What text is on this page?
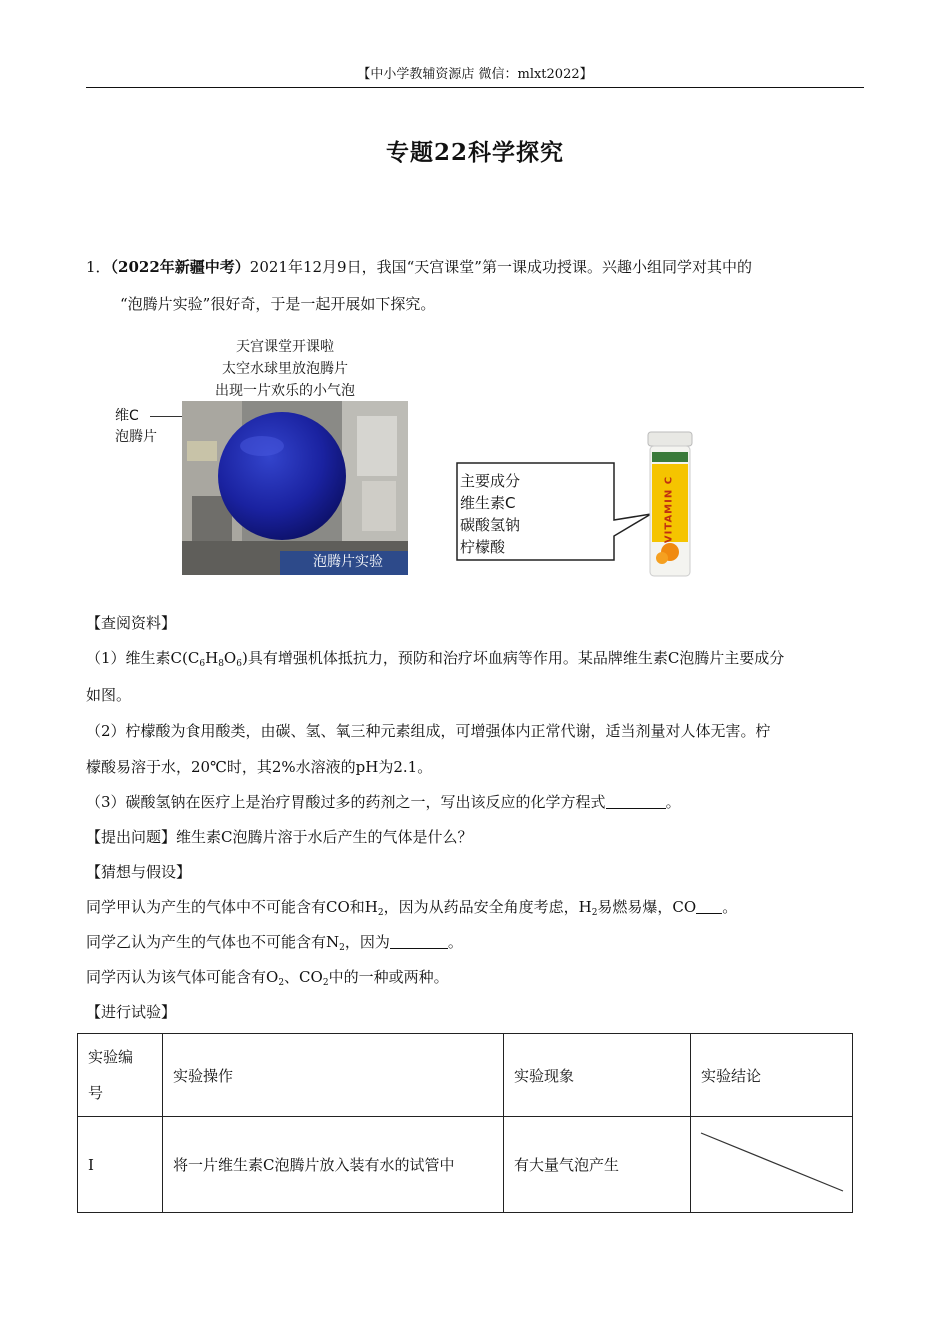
【中小学教辅资源店 微信：mlxt2022】
专题22科学探究
1．（2022年新疆中考）2021年12月9日，我国“天宫课堂”第一课成功授课。兴趣小组同学对其中的
“泡腾片实验”很好奇，于是一起开展如下探究。
天宫课堂开课啦
太空水球里放泡腾片
出现一片欢乐的小气泡
维C
泡腾片
泡腾片实验
主要成分
维生素C
碳酸氢钠
柠檬酸
VITAMIN C
【查阅资料】
（1）维生素$C(C_6H_8O_6)$具有增强机体抵抗力，预防和治疗坏血病等作用。某品牌维生素C泡腾片主要成分
如图。
（2）柠檬酸为食用酸类，由碳、氢、氧三种元素组成，可增强体内正常代谢，适当剂量对人体无害。柠
檬酸易溶于水，20℃时，其2%水溶液的pH为2.1。
（3）碳酸氢钠在医疗上是治疗胃酸过多的药剂之一，写出该反应的化学方程式	。
【提出问题】维生素C泡腾片溶于水后产生的气体是什么？
【猜想与假设】
同学甲认为产生的气体中不可能含有CO和$H_2$，因为从药品安全角度考虑，$H_2$易燃易爆，CO 。
同学乙认为产生的气体也不可能含有$N_2$，因为	。
同学丙认为该气体可能含有$O_2$、$CO_2$中的一种或两种。
【进行试验】
实验编
号	实验操作	实验现象	实验结论
I	将一片维生素C泡腾片放入装有水的试管中	有大量气泡产生	
